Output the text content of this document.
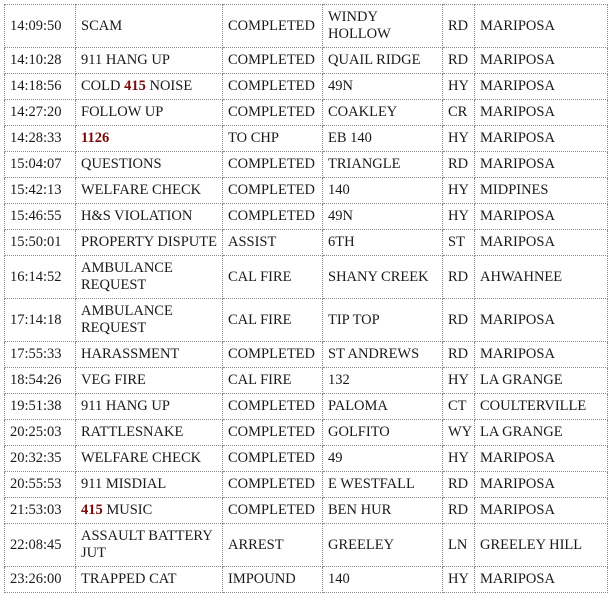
14:09:50	SCAM	COMPLETED	WINDY HOLLOW	RD	MARIPOSA
14:10:28	911 HANG UP	COMPLETED	QUAIL RIDGE	RD	MARIPOSA
14:18:56	COLD 415 NOISE	COMPLETED	49N	HY	MARIPOSA
14:27:20	FOLLOW UP	COMPLETED	COAKLEY	CR	MARIPOSA
14:28:33	1126	TO CHP	EB 140	HY	MARIPOSA
15:04:07	QUESTIONS	COMPLETED	TRIANGLE	RD	MARIPOSA
15:42:13	WELFARE CHECK	COMPLETED	140	HY	MIDPINES
15:46:55	H&S VIOLATION	COMPLETED	49N	HY	MARIPOSA
15:50:01	PROPERTY DISPUTE	ASSIST	6TH	ST	MARIPOSA
16:14:52	AMBULANCE REQUEST	CAL FIRE	SHANY CREEK	RD	AHWAHNEE
17:14:18	AMBULANCE REQUEST	CAL FIRE	TIP TOP	RD	MARIPOSA
17:55:33	HARASSMENT	COMPLETED	ST ANDREWS	RD	MARIPOSA
18:54:26	VEG FIRE	CAL FIRE	132	HY	LA GRANGE
19:51:38	911 HANG UP	COMPLETED	PALOMA	CT	COULTERVILLE
20:25:03	RATTLESNAKE	COMPLETED	GOLFITO	WY	LA GRANGE
20:32:35	WELFARE CHECK	COMPLETED	49	HY	MARIPOSA
20:55:53	911 MISDIAL	COMPLETED	E WESTFALL	RD	MARIPOSA
21:53:03	415 MUSIC	COMPLETED	BEN HUR	RD	MARIPOSA
22:08:45	ASSAULT BATTERY JUT	ARREST	GREELEY	LN	GREELEY HILL
23:26:00	TRAPPED CAT	IMPOUND	140	HY	MARIPOSA
